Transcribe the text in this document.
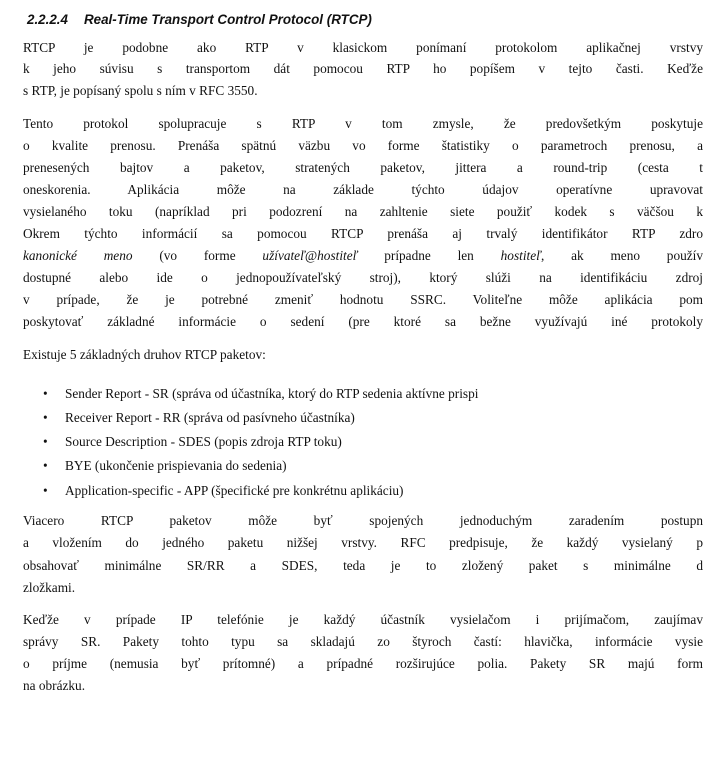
2.2.2.4 Real-Time Transport Control Protocol (RTCP)
RTCP je podobne ako RTP v klasickom ponímaní protokolom aplikačnej vrstvy
k jeho súvisu s transportom dát pomocou RTP ho popíšem v tejto časti. Keďže
s RTP, je popísaný spolu s ním v RFC 3550.
Tento protokol spolupracuje s RTP v tom zmysle, že predovšetkým poskytuje
o kvalite prenosu. Prenáša spätnú väzbu vo forme štatistiky o parametroch prenosu, a
prenesených bajtov a paketov, stratených paketov, jittera a round-trip (cesta t
oneskorenia. Aplikácia môže na základe týchto údajov operatívne upravovat
vysielaného toku (napríklad pri podozrení na zahltenie siete použiť kodek s väčšou k
Okrem týchto informácií sa pomocou RTCP prenáša aj trvalý identifikátor RTP zdro
kanonické meno (vo forme užívateľ@hostiteľ prípadne len hostiteľ, ak meno použív
dostupné alebo ide o jednopoužívateľský stroj), ktorý slúži na identifikáciu zdroj
v prípade, že je potrebné zmeniť hodnotu SSRC. Voliteľne môže aplikácia pom
poskytovať základné informácie o sedení (pre ktoré sa bežne využívajú iné protokoly
Existuje 5 základných druhov RTCP paketov:
• Sender Report - SR (správa od účastníka, ktorý do RTP sedenia aktívne prispi
• Receiver Report - RR (správa od pasívneho účastníka)
• Source Description - SDES (popis zdroja RTP toku)
• BYE (ukončenie prispievania do sedenia)
• Application-specific - APP (špecifické pre konkrétnu aplikáciu)
Viacero RTCP paketov môže byť spojených jednoduchým zaradením postupn
a vložením do jedného paketu nižšej vrstvy. RFC predpisuje, že každý vysielaný p
obsahovať minimálne SR/RR a SDES, teda je to zložený paket s minimálne d
zložkami.
Keďže v prípade IP telefónie je každý účastník vysielačom i prijímačom, zaujímav
správy SR. Pakety tohto typu sa skladajú zo štyroch častí: hlavička, informácie vysie
o príjme (nemusia byť prítomné) a prípadné rozširujúce polia. Pakety SR majú form
na obrázku.
